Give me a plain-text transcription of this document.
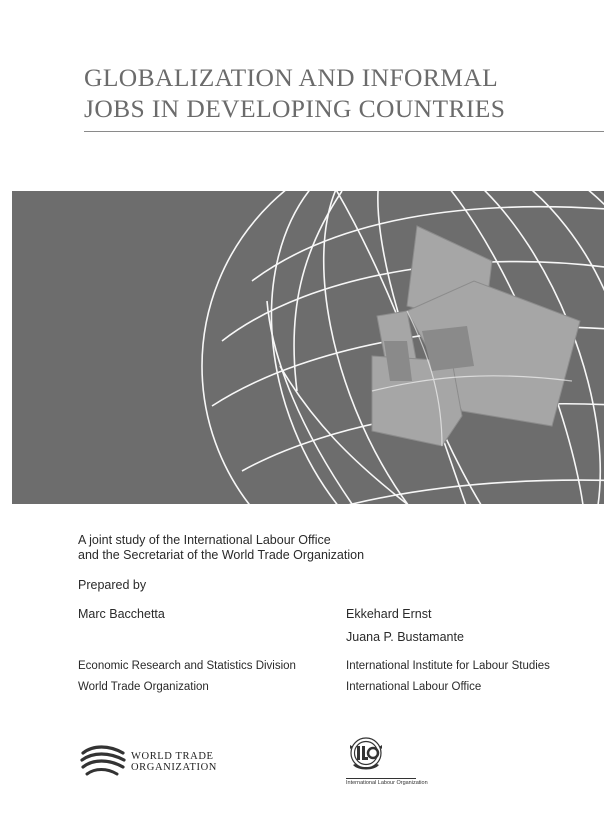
GLOBALIZATION AND INFORMAL
JOBS IN DEVELOPING COUNTRIES
A joint study of the International Labour Office
and the Secretariat of the World Trade Organization
Prepared by
Marc Bacchetta	Ekkehard Ernst
Juana P. Bustamante
Economic Research and Statistics Division
World Trade Organization
International Institute for Labour Studies
International Labour Office
WORLD TRADE
ORGANIZATION
International Labour Organization
